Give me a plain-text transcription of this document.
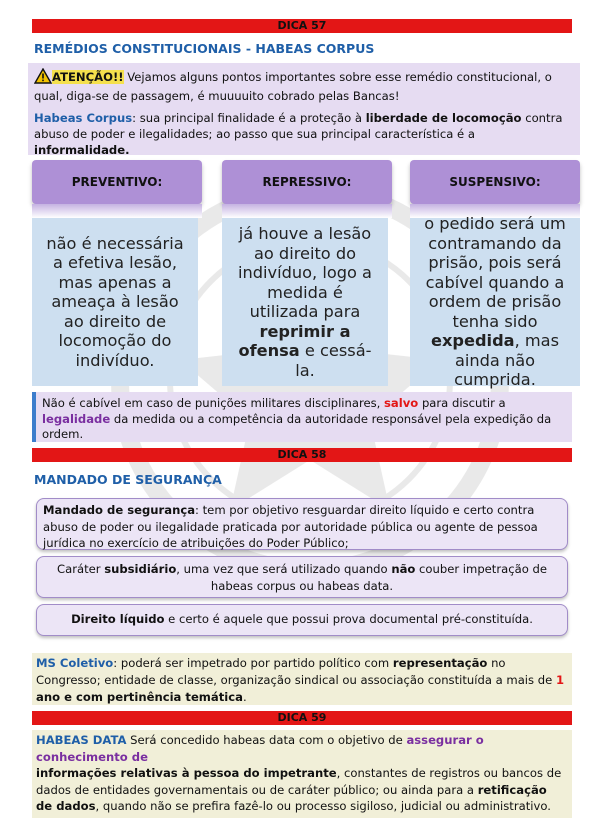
DICA 57
REMÉDIOS CONSTITUCIONAIS - HABEAS CORPUS
ATENÇÃO!! Vejamos alguns pontos importantes sobre esse remédio constitucional, o qual, diga-se de passagem, é muuuuito cobrado pelas Bancas!
Habeas Corpus: sua principal finalidade é a proteção à liberdade de locomoção contra abuso de poder e ilegalidades; ao passo que sua principal característica é a informalidade.
PREVENTIVO:	REPRESSIVO:	SUSPENSIVO:
não é necessária a efetiva lesão, mas apenas a ameaça à lesão ao direito de locomoção do indivíduo.
já houve a lesão ao direito do indivíduo, logo a medida é utilizada para reprimir a ofensa e cessá-la.
o pedido será um contramando da prisão, pois será cabível quando a ordem de prisão tenha sido expedida, mas ainda não cumprida.
Não é cabível em caso de punições militares disciplinares, salvo para discutir a legalidade da medida ou a competência da autoridade responsável pela expedição da ordem.
DICA 58
MANDADO DE SEGURANÇA
Mandado de segurança: tem por objetivo resguardar direito líquido e certo contra abuso de poder ou ilegalidade praticada por autoridade pública ou agente de pessoa jurídica no exercício de atribuições do Poder Público;
Caráter subsidiário, uma vez que será utilizado quando não couber impetração de habeas corpus ou habeas data.
Direito líquido e certo é aquele que possui prova documental pré-constituída.
MS Coletivo: poderá ser impetrado por partido político com representação no Congresso; entidade de classe, organização sindical ou associação constituída a mais de 1 ano e com pertinência temática.
DICA 59
HABEAS DATA Será concedido habeas data com o objetivo de assegurar o conhecimento de
informações relativas à pessoa do impetrante, constantes de registros ou bancos de dados de entidades governamentais ou de caráter público; ou ainda para a retificação de dados, quando não se prefira fazê-lo ou processo sigiloso, judicial ou administrativo.
